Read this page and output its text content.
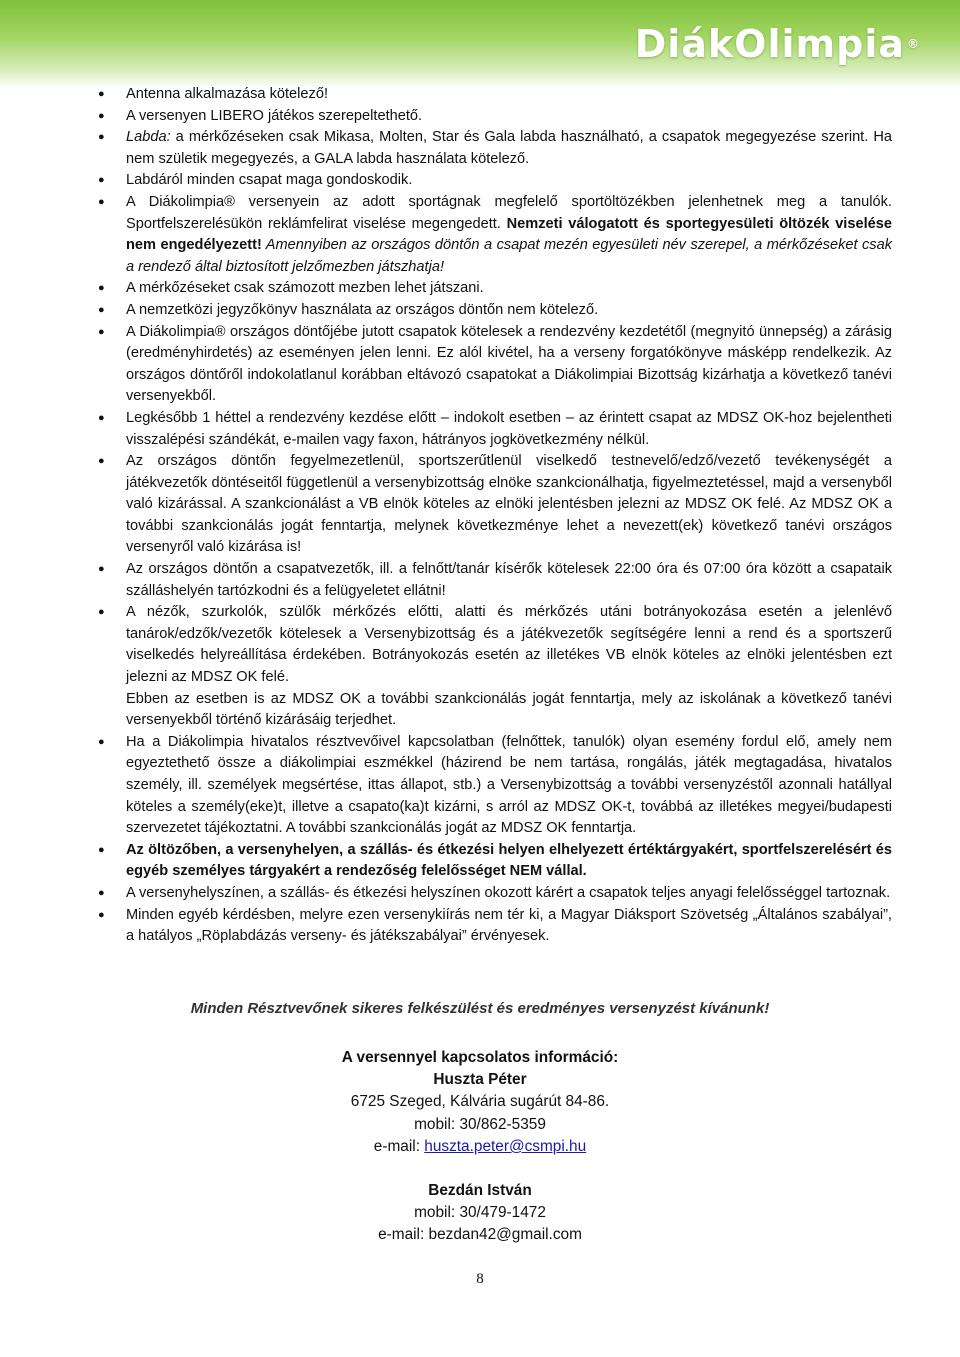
DiákOlimpia ®
● Antenna alkalmazása kötelező!
● A versenyen LIBERO játékos szerepeltethető.
● Labda: a mérkőzéseken csak Mikasa, Molten, Star és Gala labda használható, a csapatok megegyezése szerint. Ha nem születik megegyezés, a GALA labda használata kötelező.
● Labdáról minden csapat maga gondoskodik.
● A Diákolimpia® versenyein az adott sportágnak megfelelő sportöltözékben jelenhetnek meg a tanulók. Sportfelszerelésükön reklámfelirat viselése megengedett. Nemzeti válogatott és sportegyesületi öltözék viselése nem engedélyezett! Amennyiben az országos döntőn a csapat mezén egyesületi név szerepel, a mérkőzéseket csak a rendező által biztosított jelzőmezben játszhatja!
● A mérkőzéseket csak számozott mezben lehet játszani.
● A nemzetközi jegyzőkönyv használata az országos döntőn nem kötelező.
● A Diákolimpia® országos döntőjébe jutott csapatok kötelesek a rendezvény kezdetétől (megnyitó ünnepség) a zárásig (eredményhirdetés) az eseményen jelen lenni. Ez alól kivétel, ha a verseny forgatókönyve másképp rendelkezik. Az országos döntőről indokolatlanul korábban eltávozó csapatokat a Diákolimpiai Bizottság kizárhatja a következő tanévi versenyekből.
● Legkésőbb 1 héttel a rendezvény kezdése előtt – indokolt esetben – az érintett csapat az MDSZ OK-hoz bejelentheti visszalépési szándékát, e-mailen vagy faxon, hátrányos jogkövetkezmény nélkül.
● Az országos döntőn fegyelmezetlenül, sportszerűtlenül viselkedő testnevelő/edző/vezető tevékenységét a játékvezetők döntéseitől függetlenül a versenybizottság elnöke szankcionálhatja, figyelmeztetéssel, majd a versenyből való kizárással. A szankcionálást a VB elnök köteles az elnöki jelentésben jelezni az MDSZ OK felé. Az MDSZ OK a további szankcionálás jogát fenntartja, melynek következménye lehet a nevezett(ek) következő tanévi országos versenyről való kizárása is!
● Az országos döntőn a csapatvezetők, ill. a felnőtt/tanár kísérők kötelesek 22:00 óra és 07:00 óra között a csapataik szálláshelyén tartózkodni és a felügyeletet ellátni!
● A nézők, szurkolók, szülők mérkőzés előtti, alatti és mérkőzés utáni botrányokozása esetén a jelenlévő tanárok/edzők/vezetők kötelesek a Versenybizottság és a játékvezetők segítségére lenni a rend és a sportszerű viselkedés helyreállítása érdekében. Botrányokozás esetén az illetékes VB elnök köteles az elnöki jelentésben ezt jelezni az MDSZ OK felé.
Ebben az esetben is az MDSZ OK a további szankcionálás jogát fenntartja, mely az iskolának a következő tanévi versenyekből történő kizárásáig terjedhet.
● Ha a Diákolimpia hivatalos résztvevőivel kapcsolatban (felnőttek, tanulók) olyan esemény fordul elő, amely nem egyeztethető össze a diákolimpiai eszmékkel (házirend be nem tartása, rongálás, játék megtagadása, hivatalos személy, ill. személyek megsértése, ittas állapot, stb.) a Versenybizottság a további versenyzéstől azonnali hatállyal köteles a személy(eke)t, illetve a csapato(ka)t kizárni, s arról az MDSZ OK-t, továbbá az illetékes megyei/budapesti szervezetet tájékoztatni. A további szankcionálás jogát az MDSZ OK fenntartja.
● Az öltözőben, a versenyhelyen, a szállás- és étkezési helyen elhelyezett értéktárgyakért, sportfelszerelésért és egyéb személyes tárgyakért a rendezőség felelősséget NEM vállal.
● A versenyhelyszínen, a szállás- és étkezési helyszínen okozott kárért a csapatok teljes anyagi felelősséggel tartoznak.
● Minden egyéb kérdésben, melyre ezen versenykiírás nem tér ki, a Magyar Diáksport Szövetség „Általános szabályai”, a hatályos „Röplabdázás verseny- és játékszabályai” érvényesek.
Minden Résztvevőnek sikeres felkészülést és eredményes versenyzést kívánunk!
A versennyel kapcsolatos információ:
Huszta Péter
6725 Szeged, Kálvária sugárút 84-86.
mobil: 30/862-5359
e-mail: huszta.peter@csmpi.hu
Bezdán István
mobil: 30/479-1472
e-mail: bezdan42@gmail.com
8
